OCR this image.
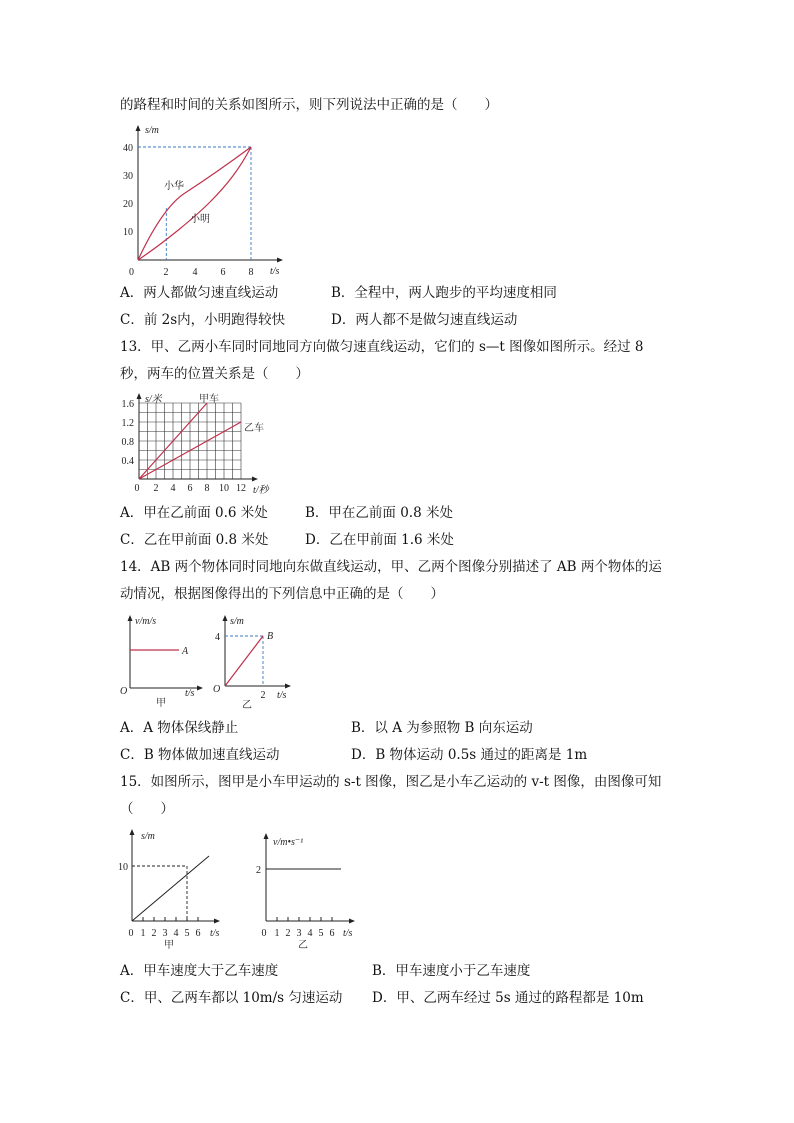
的路程和时间的关系如图所示，则下列说法中正确的是（　　）
s/m
t/s
0	2 4 6 8
10
20
30
40
小华
小明
A．两人都做匀速直线运动	B．全程中，两人跑步的平均速度相同
C．前 2s内，小明跑得较快	D．两人都不是做匀速直线运动
13．甲、乙两小车同时同地同方向做匀速直线运动，它们的 s—t 图像如图所示。经过 8
秒，两车的位置关系是（　　）
s/米
t/秒
甲车
乙车
1.6
1.2
0.8
0.4
0 2 4 6 8 10 12
A．甲在乙前面 0.6 米处	B．甲在乙前面 0.8 米处
C．乙在甲前面 0.8 米处	D．乙在甲前面 1.6 米处
14．AB 两个物体同时同地向东做直线运动，甲、乙两个图像分别描述了 AB 两个物体的运
动情况，根据图像得出的下列信息中正确的是（　　）
v/m/s
A
O	t/s
甲
s/m
B
4
O
2 t/s
乙
A．A 物体保线静止	B．以 A 为参照物 B 向东运动
C．B 物体做加速直线运动	D．B 物体运动 0.5s 通过的距离是 1m
15．如图所示，图甲是小车甲运动的 s-t 图像，图乙是小车乙运动的 v-t 图像，由图像可知
（　　）
s/m
10
0 1 2 3 4 5 6 t/s
甲
v/m•s⁻¹
2
0 1 2 3 4 5 6 t/s
乙
A．甲车速度大于乙车速度	B．甲车速度小于乙车速度
C．甲、乙两车都以 10m/s 匀速运动 D．甲、乙两车经过 5s 通过的路程都是 10m
